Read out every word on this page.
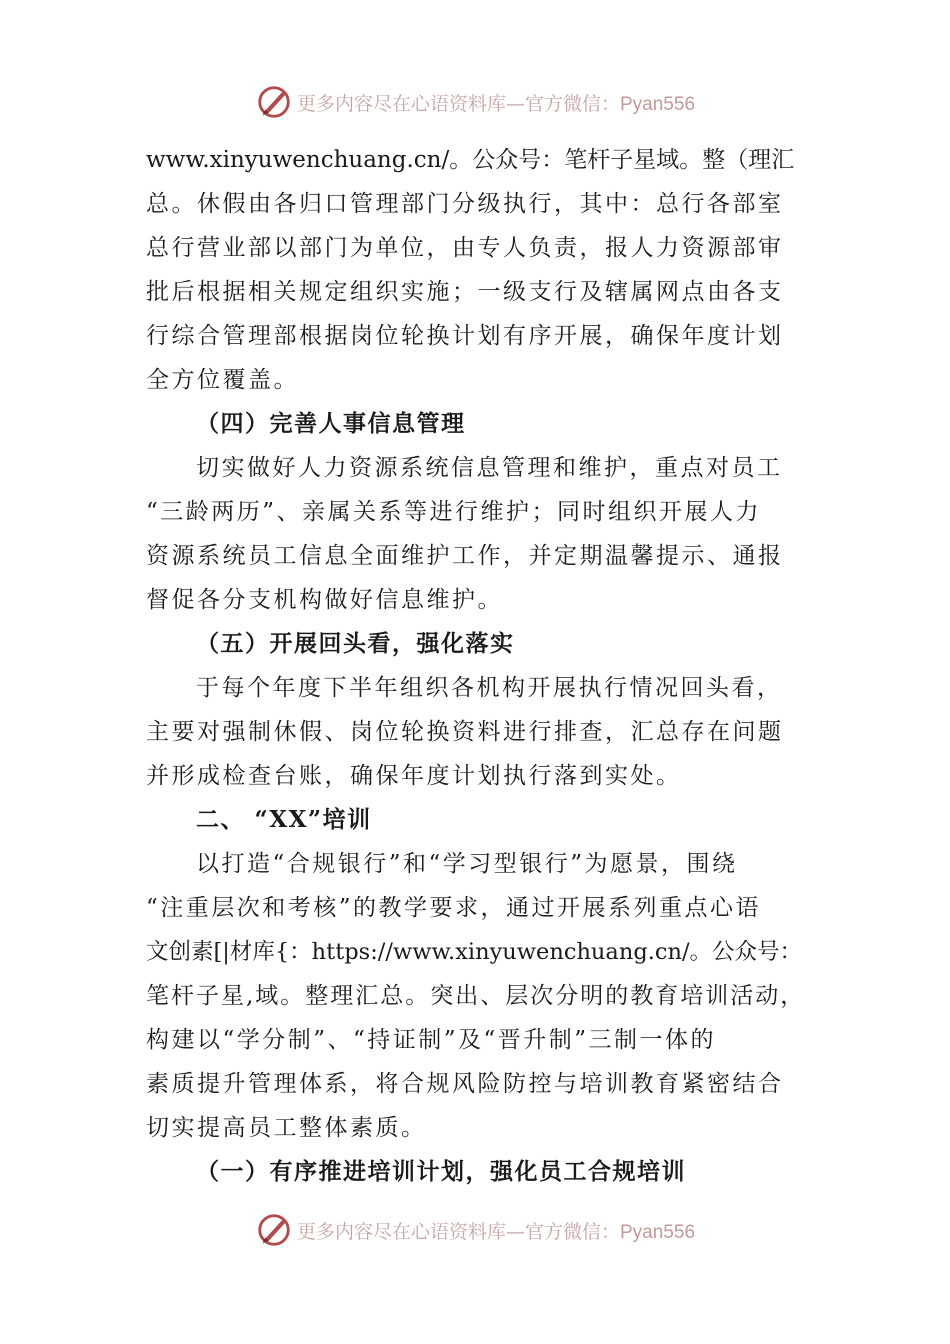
更多内容尽在心语资料库—官方微信：Pyan556
www.xinyuwenchuang.cn/。公众号：笔杆子星域。整（理汇
总。休假由各归口管理部门分级执行，其中：总行各部室
总行营业部以部门为单位，由专人负责，报人力资源部审
批后根据相关规定组织实施；一级支行及辖属网点由各支
行综合管理部根据岗位轮换计划有序开展，确保年度计划
全方位覆盖。
（四）完善人事信息管理
切实做好人力资源系统信息管理和维护，重点对员工
“三龄两历”、亲属关系等进行维护；同时组织开展人力
资源系统员工信息全面维护工作，并定期温馨提示、通报
督促各分支机构做好信息维护。
（五）开展回头看，强化落实
于每个年度下半年组织各机构开展执行情况回头看，
主要对强制休假、岗位轮换资料进行排查，汇总存在问题
并形成检查台账，确保年度计划执行落到实处。
二、 “XX”培训
以打造“合规银行”和“学习型银行”为愿景，围绕
“注重层次和考核”的教学要求，通过开展系列重点心语
文创素[|材库{：https://www.xinyuwenchuang.cn/。公众号：
笔杆子星,域。整理汇总。突出、层次分明的教育培训活动，
构建以“学分制”、“持证制”及“晋升制”三制一体的
素质提升管理体系，将合规风险防控与培训教育紧密结合
切实提高员工整体素质。
（一）有序推进培训计划，强化员工合规培训
更多内容尽在心语资料库—官方微信：Pyan556
